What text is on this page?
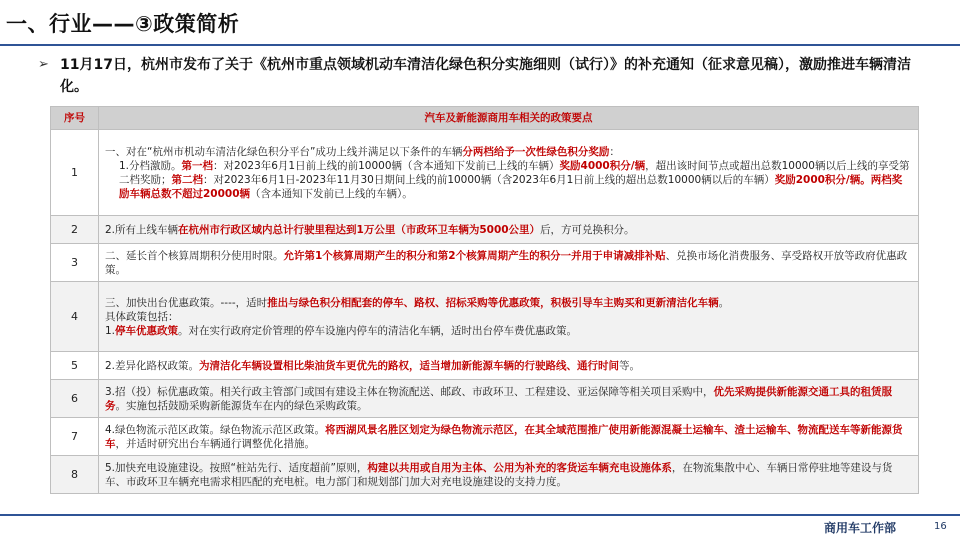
一、行业——③政策简析
➢ 11月17日，杭州市发布了关于《杭州市重点领域机动车清洁化绿色积分实施细则（试行）》的补充通知（征求意见稿），激励推进车辆清洁化。
序号	汽车及新能源商用车相关的政策要点
1	一、对在“杭州市机动车清洁化绿色积分平台”成功上线并满足以下条件的车辆分两档给予一次性绿色积分奖励：
1.分档激励。第一档：对2023年6月1日前上线的前10000辆（含本通知下发前已上线的车辆）奖励4000积分/辆，超出该时间节点或超出总数10000辆以后上线的享受第二档奖励；第二档：对2023年6月1日-2023年11月30日期间上线的前10000辆（含2023年6月1日前上线的超出总数10000辆以后的车辆）奖励2000积分/辆。两档奖励车辆总数不超过20000辆（含本通知下发前已上线的车辆）。

2	2.所有上线车辆在杭州市行政区域内总计行驶里程达到1万公里（市政环卫车辆为5000公里）后，方可兑换积分。

3	二、延长首个核算周期积分使用时限。允许第1个核算周期产生的积分和第2个核算周期产生的积分一并用于申请减排补贴、兑换市场化消费服务、享受路权开放等政府优惠政策。

4	三、加快出台优惠政策。----，适时推出与绿色积分相配套的停车、路权、招标采购等优惠政策，积极引导车主购买和更新清洁化车辆。
具体政策包括：
1.停车优惠政策。对在实行政府定价管理的停车设施内停车的清洁化车辆，适时出台停车费优惠政策。

5	2.差异化路权政策。为清洁化车辆设置相比柴油货车更优先的路权，适当增加新能源车辆的行驶路线、通行时间等。

6	3.招（投）标优惠政策。相关行政主管部门或国有建设主体在物流配送、邮政、市政环卫、工程建设、亚运保障等相关项目采购中，优先采购提供新能源交通工具的租赁服务。实施包括鼓励采购新能源货车在内的绿色采购政策。

7	4.绿色物流示范区政策。绿色物流示范区政策。将西湖风景名胜区划定为绿色物流示范区，在其全域范围推广使用新能源混凝土运输车、渣土运输车、物流配送车等新能源货车，并适时研究出台车辆通行调整优化措施。

8	5.加快充电设施建设。按照“桩站先行、适度超前”原则，构建以共用或自用为主体、公用为补充的客货运车辆充电设施体系，在物流集散中心、车辆日常停驻地等建设与货车、市政环卫车辆充电需求相匹配的充电桩。电力部门和规划部门加大对充电设施建设的支持力度。
商用车工作部	16
